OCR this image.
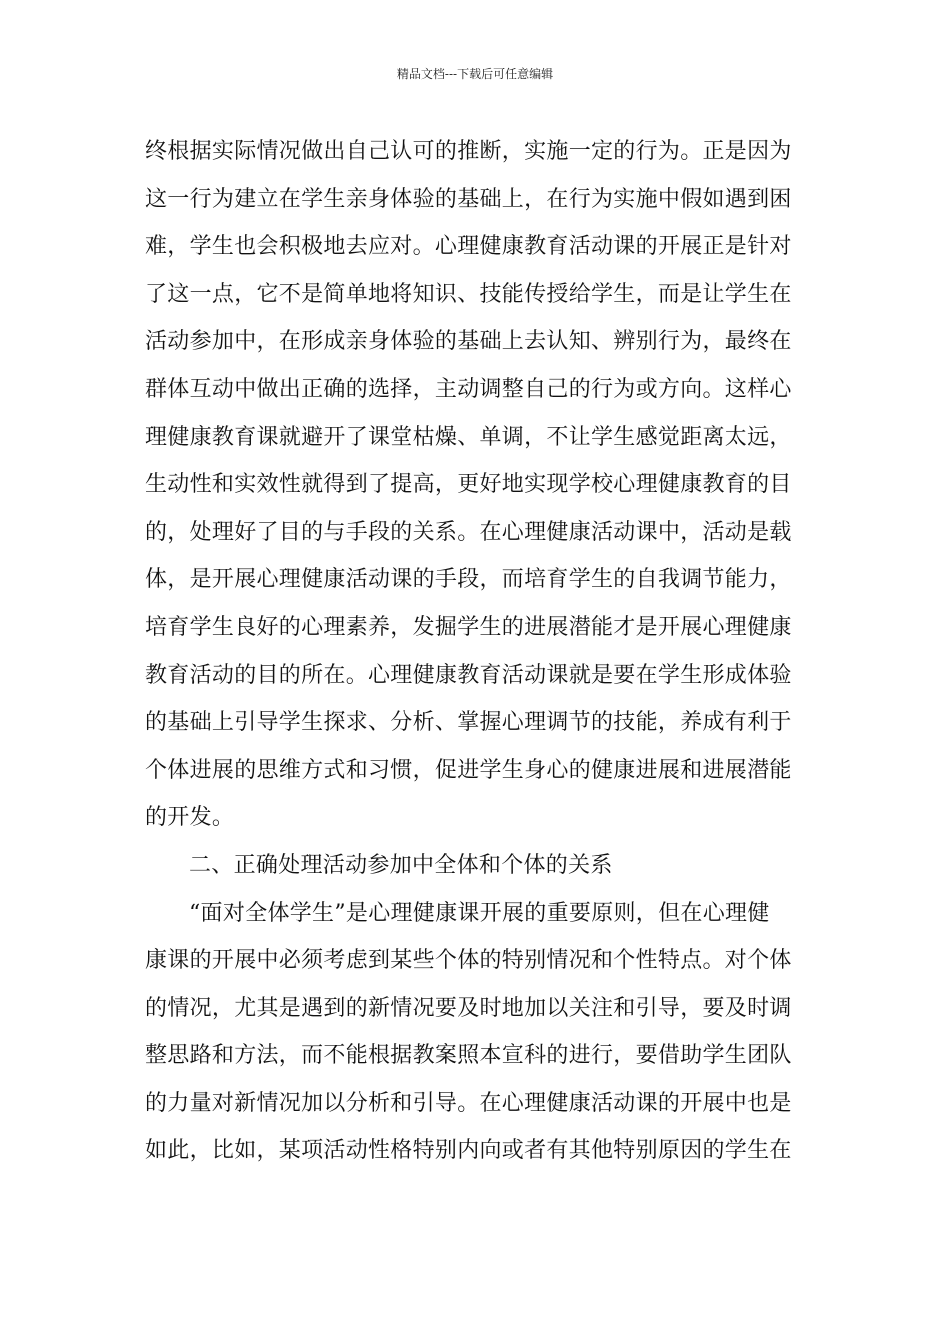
精品文档---下载后可任意编辑
终根据实际情况做出自己认可的推断，实施一定的行为。正是因为
这一行为建立在学生亲身体验的基础上，在行为实施中假如遇到困
难，学生也会积极地去应对。心理健康教育活动课的开展正是针对
了这一点，它不是简单地将知识、技能传授给学生，而是让学生在
活动参加中，在形成亲身体验的基础上去认知、辨别行为，最终在
群体互动中做出正确的选择，主动调整自己的行为或方向。这样心
理健康教育课就避开了课堂枯燥、单调，不让学生感觉距离太远，
生动性和实效性就得到了提高，更好地实现学校心理健康教育的目
的，处理好了目的与手段的关系。在心理健康活动课中，活动是载
体，是开展心理健康活动课的手段，而培育学生的自我调节能力，
培育学生良好的心理素养，发掘学生的进展潜能才是开展心理健康
教育活动的目的所在。心理健康教育活动课就是要在学生形成体验
的基础上引导学生探求、分析、掌握心理调节的技能，养成有利于
个体进展的思维方式和习惯，促进学生身心的健康进展和进展潜能
的开发。
二、正确处理活动参加中全体和个体的关系
“面对全体学生”是心理健康课开展的重要原则，但在心理健
康课的开展中必须考虑到某些个体的特别情况和个性特点。对个体
的情况，尤其是遇到的新情况要及时地加以关注和引导，要及时调
整思路和方法，而不能根据教案照本宣科的进行，要借助学生团队
的力量对新情况加以分析和引导。在心理健康活动课的开展中也是
如此，比如，某项活动性格特别内向或者有其他特别原因的学生在
